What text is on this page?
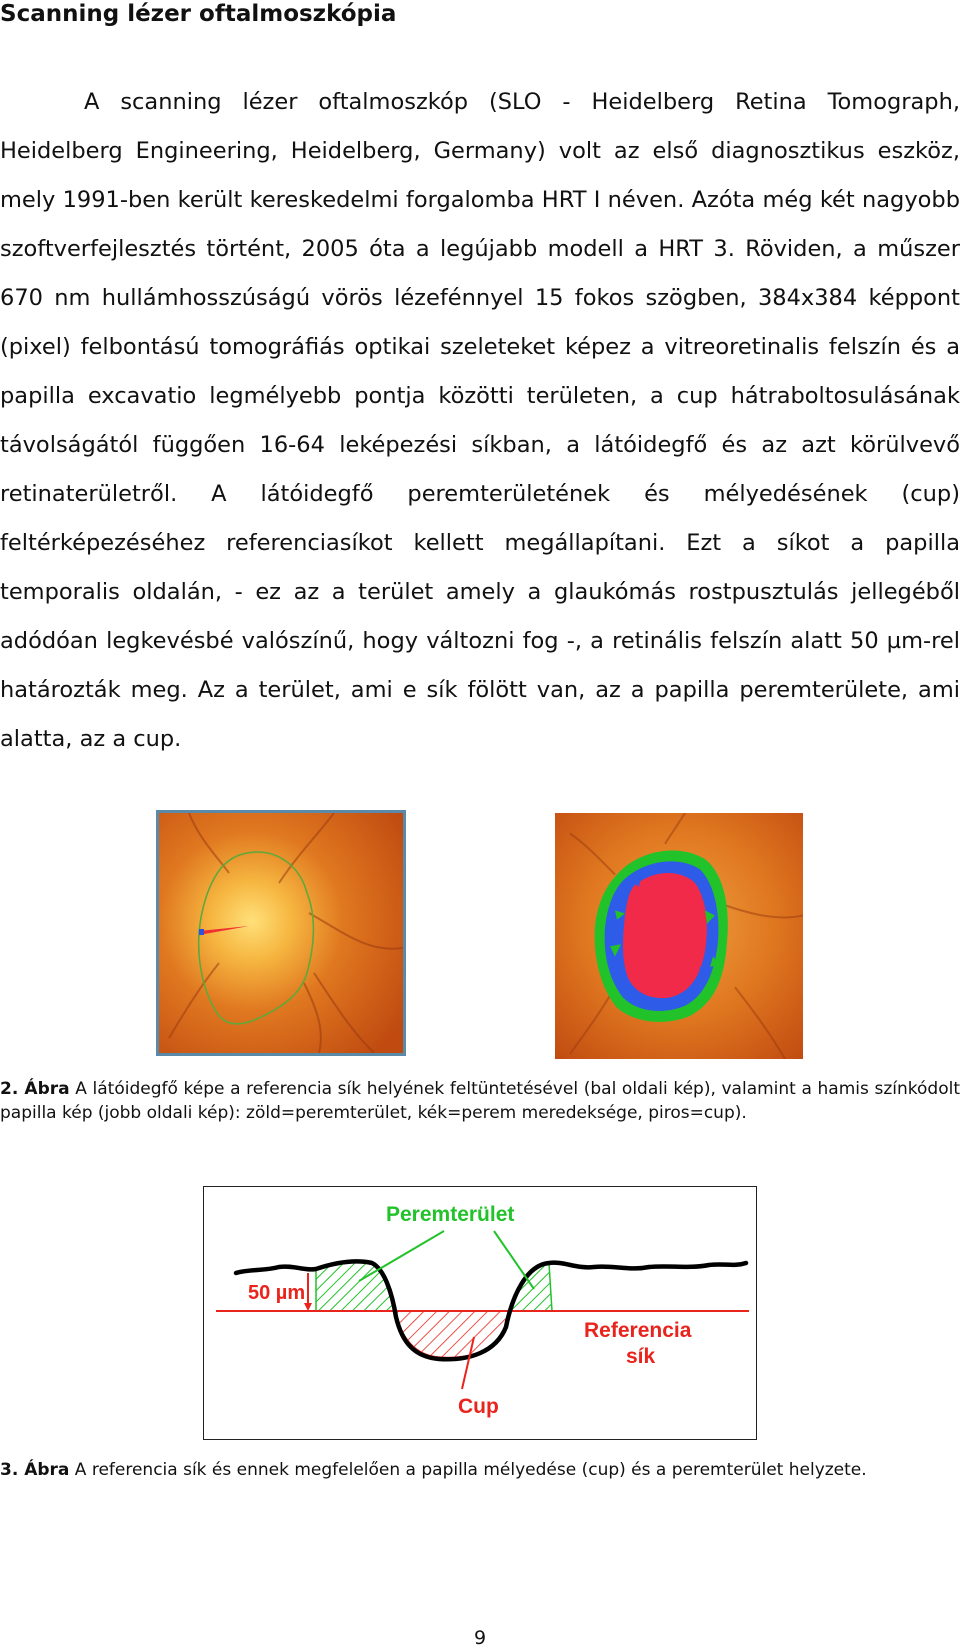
Scanning lézer oftalmoszkópia

A scanning lézer oftalmoszkóp (SLO - Heidelberg Retina Tomograph, Heidelberg Engineering, Heidelberg, Germany) volt az első diagnosztikus eszköz, mely 1991-ben került kereskedelmi forgalomba HRT I néven. Azóta még két nagyobb szoftverfejlesztés történt, 2005 óta a legújabb modell a HRT 3. Röviden, a műszer 670 nm hullámhosszúságú vörös lézefénnyel 15 fokos szögben, 384x384 képpont (pixel) felbontású tomográfiás optikai szeleteket képez a vitreoretinalis felszín és a papilla excavatio legmélyebb pontja közötti területen, a cup hátraboltosulásának távolságától függően 16-64 leképezési síkban, a látóidegfő és az azt körülvevő retinaterületről. A látóidegfő peremterületének és mélyedésének (cup) feltérképezéséhez referenciasíkot kellett megállapítani. Ezt a síkot a papilla temporalis oldalán, - ez az a terület amely a glaukómás rostpusztulás jellegéből adódóan legkevésbé valószínű, hogy változni fog -, a retinális felszín alatt 50 µm-rel határozták meg. Az a terület, ami e sík fölött van, az a papilla peremterülete, ami alatta, az a cup.

2. Ábra A látóidegfő képe a referencia sík helyének feltüntetésével (bal oldali kép), valamint a hamis színkódolt papilla kép (jobb oldali kép): zöld=peremterület, kék=perem meredeksége, piros=cup).

50 µm
Peremterület
Referencia
sík
Cup

3. Ábra A referencia sík és ennek megfelelően a papilla mélyedése (cup) és a peremterület helyzete.

9
